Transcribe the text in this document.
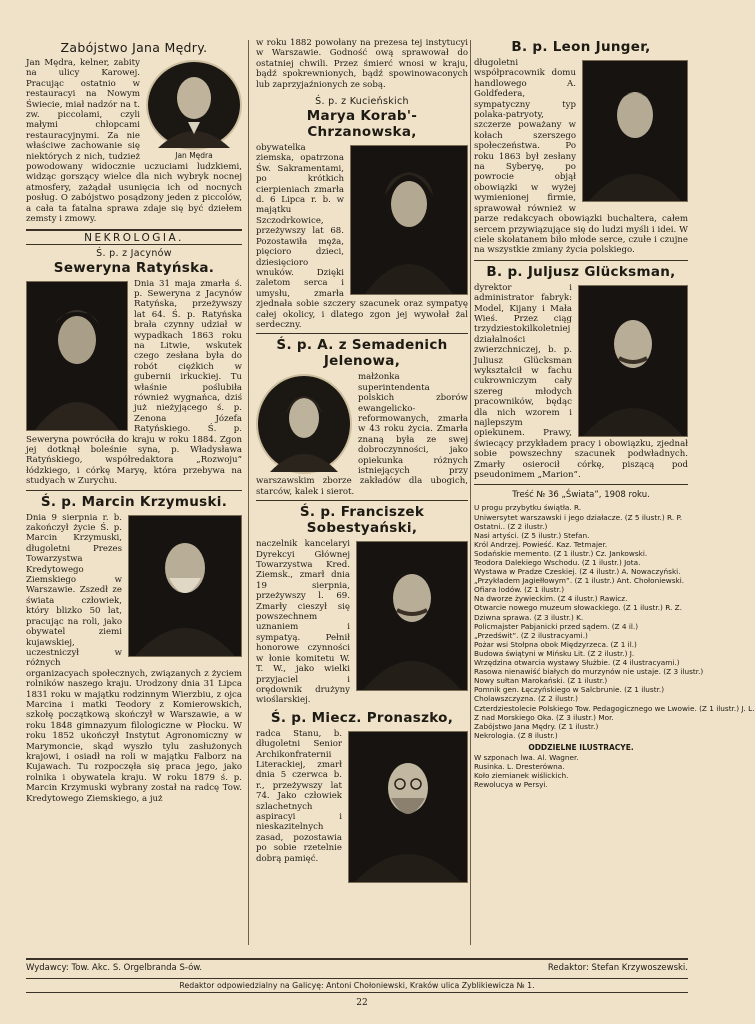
Zabójstwo Jana Mędry.
Jan Mędra

Jan Mędra, kelner, zabity na ulicy Karowej. Pracując ostatnio w restauracyi na Nowym Świecie, miał nadzór na t. zw. piccolami, czyli małymi chłopcami restauracyjnymi. Za nie właściwe zachowanie się niektórych z nich, tudzież powodowany widocznie uczuciami ludzkiemi, widząc gorszący wielce dla nich wybryk nocnej atmosfery, zażądał usunięcia ich od nocnych posług. O zabójstwo posądzony jeden z piccolów, a cała ta fatalna sprawa zdaje się być dziełem zemsty i zmowy.

NEKROLOGIA.

Ś. p. z Jacynów
Seweryna Ratyńska.

Dnia 31 maja zmarła ś. p. Seweryna z Jacynów Ratyńska, przeżywszy lat 64. Ś. p. Ratyńska brała czynny udział w wypadkach 1863 roku na Litwie, wskutek czego zesłana była do robót ciężkich w gubernii irkuckiej. Tu właśnie poślubiła również wygnańca, dziś już nieżyjącego ś. p. Zenona Józefa Ratyńskiego. Ś. p. Seweryna powróciła do kraju w roku 1884. Zgon jej dotknął boleśnie syna, p. Władysława Ratyńskiego, współredaktora „Rozwoju” łódzkiego, i córkę Maryę, która przebywa na studyach w Zurychu.

Ś. p. Marcin Krzymuski.

Dnia 9 sierpnia r. b. zakończył życie Ś. p. Marcin Krzymuski, długoletni Prezes Towarzystwa Kredytowego Ziemskiego w Warszawie. Zszedł ze świata człowiek, który blizko 50 lat, pracując na roli, jako obywatel ziemi kujawskiej, uczestniczył w różnych organizacyach społecznych, związanych z życiem rolników naszego kraju. Urodzony dnia 31 Lipca 1831 roku w majątku rodzinnym Wierzbiu, z ojca Marcina i matki Teodory z Komierowskich, szkołę początkową skończył w Warszawie, a w roku 1848 gimnazyum filologiczne w Płocku. W roku 1852 ukończył Instytut Agronomiczny w Marymoncie, skąd wyszło tylu zasłużonych krajowi, i osiadł na roli w majątku Falborz na Kujawach. Tu rozpoczęła się praca jego, jako rolnika i obywatela kraju. W roku 1879 ś. p. Marcin Krzymuski wybrany został na radcę Tow. Kredytowego Ziemskiego, a już

w roku 1882 powołany na prezesa tej instytucyi w Warszawie. Godność ową sprawował do ostatniej chwili. Przez śmierć wnosi w kraju, bądź spokrewnionych, bądź spowinowaconych lub zaprzyjaźnionych ze sobą.

Ś. p. z Kucieńskich
Marya Korab'-Chrzanowska,

obywatelka ziemska, opatrzona Św. Sakramentami, po krótkich cierpieniach zmarła d. 6 Lipca r. b. w majątku Szczodrkowice, przeżywszy lat 68. Pozostawiła męża, pięcioro dzieci, dziesięcioro wnuków. Dzięki zaletom serca i umysłu, zmarła zjednała sobie szczery szacunek oraz sympatyę całej okolicy, i dlatego zgon jej wywołał żal serdeczny.

Ś. p. A. z Semadenich Jelenowa,

małżonka superintendenta polskich zborów ewangelicko-reformowanych, zmarła w 43 roku życia. Zmarła znaną była ze swej dobroczynności, jako opiekunka różnych istniejących przy warszawskim zborze zakładów dla ubogich, starców, kalek i sierot.

Ś. p. Franciszek Sobestyański,

naczelnik kancelaryi Dyrekcyi Głównej Towarzystwa Kred. Ziemsk., zmarł dnia 19 sierpnia, przeżywszy l. 69. Zmarły cieszył się powszechnem uznaniem i sympatyą. Pełnił honorowe czynności w łonie komitetu W. T. W., jako wielki przyjaciel i orędownik drużyny wioślarskiej.

Ś. p. Miecz. Pronaszko,

radca Stanu, b. długoletni Senior Archikonfraternii Literackiej, zmarł dnia 5 czerwca b. r., przeżywszy lat 74. Jako człowiek szlachetnych aspiracyi i nieskazitelnych zasad, pozostawia po sobie rzetelnie dobrą pamięć.

B. p. Leon Junger,

długoletni współpracownik domu handlowego A. Goldfedera, sympatyczny typ polaka-patryoty, szczerze poważany w kołach szerszego społeczeństwa. Po roku 1863 był zesłany na Syberyę, po powrocie objął obowiązki w wyżej wymienionej firmie, sprawował również w parze redakcyach obowiązki buchaltera, całem sercem przywiązujące się do ludzi myśli i idei. W ciele skołatanem biło młode serce, czułe i czujne na wszystkie zmiany życia polskiego.

B. p. Juljusz Glücksman,

dyrektor i administrator fabryk: Model, Kijany i Mała Wieś. Przez ciąg trzydziestokilkoletniej działalności zwierzchniczej, b. p. Juliusz Glücksman wykształcił w fachu cukrowniczym cały szereg młodych pracowników, będąc dla nich wzorem i najlepszym opiekunem. Prawy, świecący przykładem pracy i obowiązku, zjednał sobie powszechny szacunek podwładnych. Zmarły osierocił córkę, piszącą pod pseudonimem „Marion”.

Treść № 36 „Świata”, 1908 roku.
U progu przybytku świątła. R.
Uniwersytet warszawski i jego działacze. (Z 5 ilustr.) R. P.
Ostatni.. (Z 2 ilustr.)
Nasi artyści. (Z 5 ilustr.) Stefan.
Król Andrzej. Powieść. Kaz. Tetmajer.
Sodańskie memento. (Z 1 ilustr.) Cz. Jankowski.
Teodora Dalekiego Wschodu. (Z 1 ilustr.) Jota.
Wystawa w Pradze Czeskiej. (Z 4 ilustr.) A. Nowaczyński.
„Przykładem Jagiełłowym”. (Z 1 ilustr.) Ant. Chołoniewski.
Ofiara lodów. (Z 1 ilustr.)
Na dworze żywieckim. (Z 4 ilustr.) Rawicz.
Otwarcie nowego muzeum słowackiego. (Z 1 ilustr.) R. Z.
Dziwna sprawa. (Z 3 ilustr.) K.
Policmajster Pabjanicki przed sądem. (Z 4 il.)
„Przedświt”. (Z 2 ilustracyami.)
Pożar wsi Stołpna obok Międzyrzeca. (Z 1 il.)
Budowa świątyni w Mińsku Lit. (Z 2 ilustr.) J.
Wrzędzina otwarcia wystawy Służbie. (Z 4 ilustracyami.)
Rasowa nienawiść białych do murzynów nie ustaje. (Z 3 ilustr.)
Nowy sułtan Marokański. (Z 1 ilustr.)
Pomnik gen. Łęczyńskiego w Salcbrunie. (Z 1 ilustr.)
Cholawszczyzna. (Z 2 ilustr.)
Czterdziestolecie Polskiego Tow. Pedagogicznego we Lwowie. (Z 1 ilustr.) J. L.
Z nad Morskiego Oka. (Z 3 ilustr.) Mor.
Zabójstwo Jana Mędry. (Z 1 ilustr.)
Nekrologia. (Z 8 ilustr.)
ODDZIELNE ILUSTRACYE.
W szponach lwa. Al. Wagner.
Rusinka. L. Dresterówna.
Koło ziemianek wiślickich.
Rewolucya w Persyi.
Wydawcy: Tow. Akc. S. Orgelbranda S-ów.	Redaktor: Stefan Krzywoszewski.
Redaktor odpowiedzialny na Galicyę: Antoni Chołoniewski, Kraków ulica Zyblikiewicza № 1.
22
